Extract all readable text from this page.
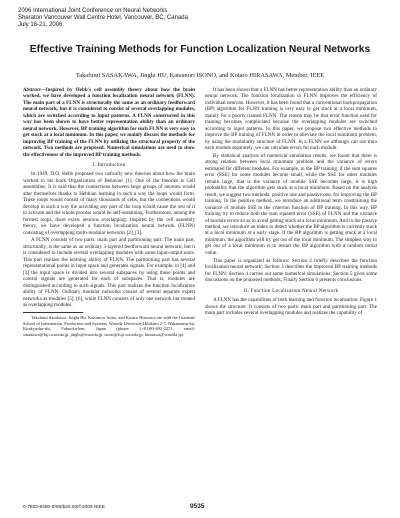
2006 International Joint Conference on Neural Networks
Sheraton Vancouver Wall Centre Hotel, Vancouver, BC, Canada
July 16-21, 2006
Effective Training Methods for Function Localization Neural Networks
Takafumi SASAKAWA, Jinglu HU, Katsunori ISONO, and Kotaro HIRASAWA, Member, IEEE

Abstract—Inspired by Hebb's cell assembly theory about how the brain worked, we have developed a function localization neural network (FLNN). The main part of a FLNN is structurally the same as an ordinary feedforward neural network, but it is considered to consist of several overlapping modules, which are switched according to input patterns. A FLNN constructed in this way has been shown to have better representation ability than an ordinary neural network. However, BP training algorithm for such FLNN is very easy to get stuck at a local minimum. In this paper, we mainly discuss the methods for improving BP training of the FLNN by utilizing the structural property of the network. Two methods are proposed. Numerical simulations are used to show the effectiveness of the improved BP training methods.

I. Introduction

In 1949, D.O. Hebb proposed two radically new theories about how the brain worked in his book Organization of Behavior [1]. One of the theories is Cell assemblies. It is said that the connections between large groups of neurons would alter themselves thanks to Hebbian learning in such a way the loops would form. These loops would consist of many thousands of cells, but the connections would develop in such a way the activating any part of the loop would cause the rest of it to activate and the whole process would be self-sustaining. Furthermore, among the formed loops, there exists neurons overlapping: Inspired by the cell assembly theory, we have developed a function localization neural network (FLNN) consisting of overlapping multi-modular networks [2], [3].

A FLNN consists of two parts: main part and partitioning part. The main part, structurally, is the same as an ordinary 3-layered feedforward neural network; but it is considered to include several overlapping modules with same input-output units. This part realizes the learning ability of FLNN. The partitioning part has several representational points in input space and generates signals. For example, in [4] and [3] the input space is divided into several subspaces by using those points and control signals are generated for each of subspaces. That is, modules are distinguished according to such signals. This part realizes the function localization ability of FLNN. Ordinary modular networks consist of several separate expert networks as modules [5], [6], while FLNN consists of only one network but treated as overlapping modules.

Takafumi Sasakawa, Jinglu Hu, Katsunori Isono, and Kotaro Hirasawa are with the Graduate School of Information, Production and Systems, Waseda University,Hibikino 2-7, Wakamatsu-ku, Kitakyushu-shi, Fukuoka-ken, Japan (phone: (+81)93-692-5271; email: sasakawa@fuji.waseda.jp, jinglu@waseda.jp, isono@fuji.waseda.jp, hirasawa@waseda.jp)

It has been shown that a FLNN has better representation ability than an ordinary neural network. The function localization in FLNN improves the efficiency of individual neurons. However, it has been found that a conventional backpropagation (BP) algorithm for FLNN training is very easy to get stuck at a local minimum, mainly for a poorly trained FLNN. The reason may be that error function used for training becomes complicated because the overlapping modules are switched according to input patterns. In this paper, we propose two effective methods to improve the BP training of FLNN in order to alleviate the local minimum problem, by using the modularity structure of FLNN. In a FLNN we although can not train each module separately, we can calculate errors for each module.

By statistical analysis of numerical simulation results, we found that there is strong relation between local minimum problem and the variance of errors estimated for different modules. For example, in the BP training, if the sum squares error (SSE) for some modules become small, while the SSE for other modules remain large, that is the variance of module SSE becomes large, it is high probability that the algorithm gets stuck at a local minimum. Based on the analysis result, we suggest two methods: positive one and passive one, for improving the BP training. In the positive method, we introduce an additional term constraining the variance of module SSE to the criterion function of BP training. In this way, BP training try to reduce both the sum squared error (SSE) of FLNN and the variance of module errors so as to avoid getting stuck at a local minimum. And in the passive method, we introduce an index to detect whether the BP algorithm is currently stuck at a local minimum at a early stage. If the BP algorithm is getting stuck at a local minimum, the algorithm will try get out of the local minimum. The simplest way to get out of a local minimum is to restart the BP algorithm with a random initial value.

This paper is organized as follows: Section 2 briefly describes the function localization neural network; Section 3 describes the improved BP training methods for FLNN; Section 4 carries out some numerical simulations; Section 5 gives some discussions on the proposed methods; Finally Section 6 presents conclusions.

II. Function Localization Neural Network

A FLNN has the capabilities of both learning and function localization. Figure 1 shows the structure. It consists of two parts: main part and partitioning part. The main part includes several overlapping modules and realizes the capability of

0-7803-9490-9/06/$20.00/©2006 IEEE	9535
